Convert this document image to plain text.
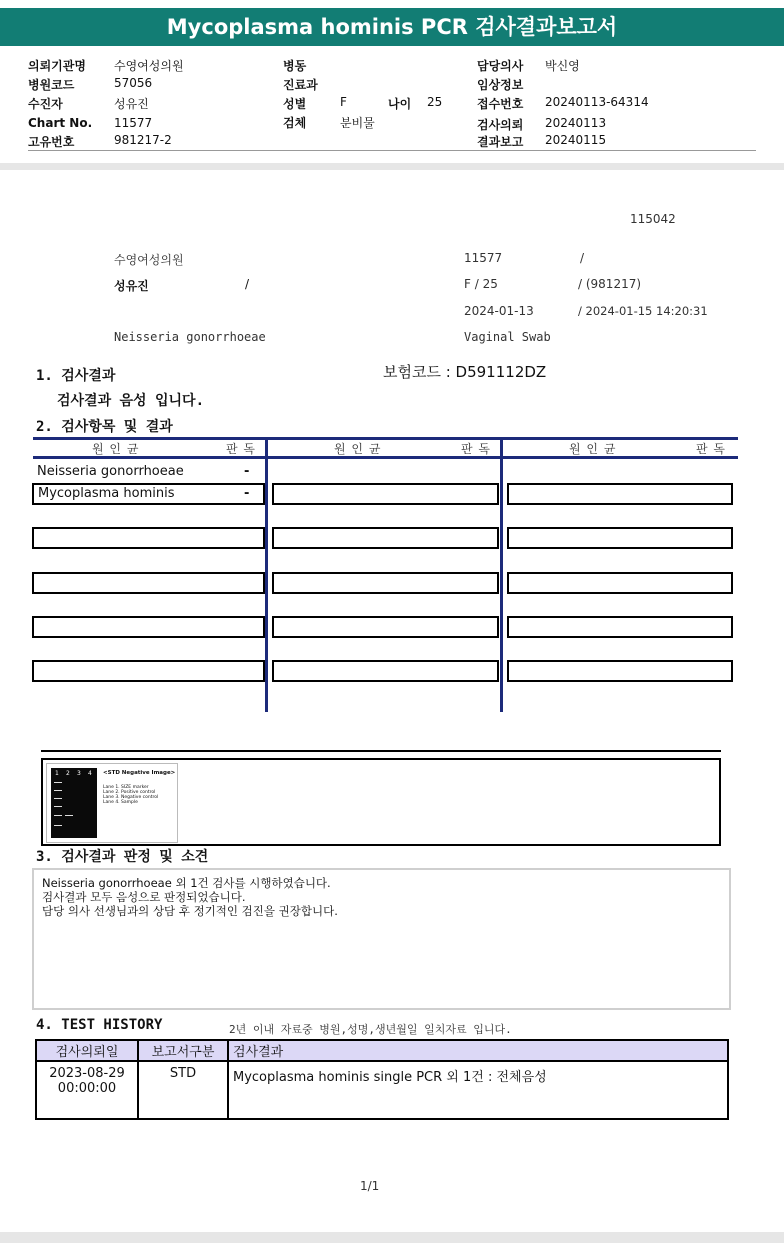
Mycoplasma hominis PCR 검사결과보고서
의뢰기관명 수영여성의원
병원코드	57056
수진자	성유진
Chart No. 11577
고유번호	981217-2
병동
진료과
성별	F	나이 25
검체	분비물
담당의사 박신영
임상정보
접수번호 20240113-64314
검사의뢰 20240113
결과보고 20240115
115042
수영여성의원	11577	/
성유진	/	F / 25	/ (981217)
2024-01-13	/ 2024-01-15 14:20:31
Neisseria gonorrhoeae	Vaginal Swab
1. 검사결과	보험코드 : D591112DZ
검사결과 음성 입니다.
2. 검사항목 및 결과
원 인 균	판 독	원 인 균	판 독	원 인 균	판 독
Neisseria gonorrhoeae	-
Mycoplasma hominis	-
1 2 3 4 <STD Negative Image>
Lane 1. SIZE marker
Lane 2. Positive control
Lane 3. Negative control
Lane 4. Sample
3. 검사결과 판정 및 소견
Neisseria gonorrhoeae 외 1건 검사를 시행하였습니다.
검사결과 모두 음성으로 판정되었습니다.
담당 의사 선생님과의 상담 후 정기적인 검진을 권장합니다.
4. TEST HISTORY	2년 이내 자료중 병원,성명,생년월일 일치자료 입니다.
검사의뢰일	보고서구분	검사결과

2023-08-29
00:00:00	STD	Mycoplasma hominis single PCR 외 1건 : 전체음성
1/1
